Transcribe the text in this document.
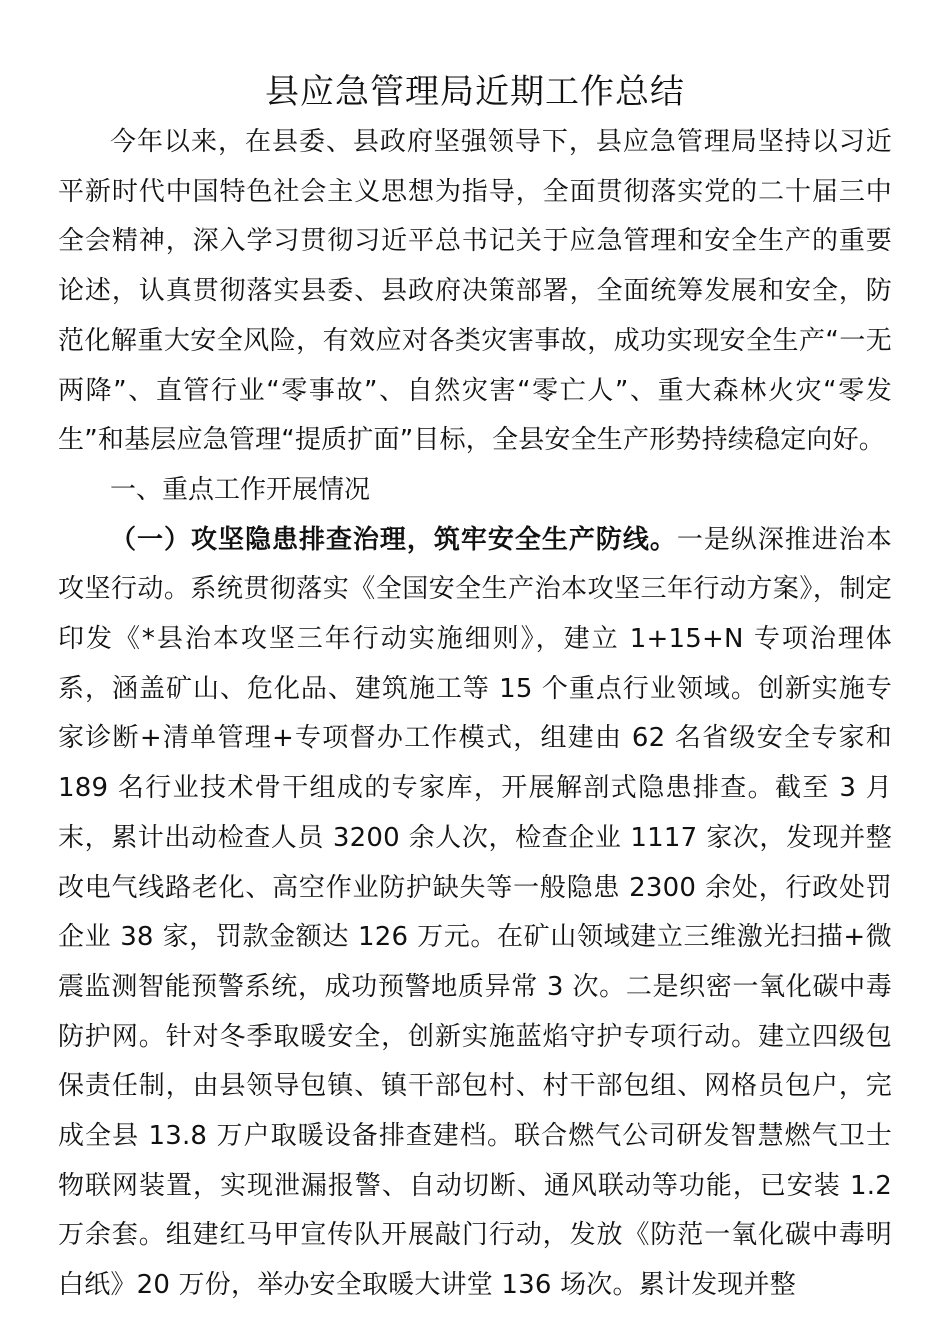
县应急管理局近期工作总结

今年以来，在县委、县政府坚强领导下，县应急管理局坚持以习近平新时代中国特色社会主义思想为指导，全面贯彻落实党的二十届三中全会精神，深入学习贯彻习近平总书记关于应急管理和安全生产的重要论述，认真贯彻落实县委、县政府决策部署，全面统筹发展和安全，防范化解重大安全风险，有效应对各类灾害事故，成功实现安全生产“一无两降”、直管行业“零事故”、自然灾害“零亡人”、重大森林火灾“零发生”和基层应急管理“提质扩面”目标，全县安全生产形势持续稳定向好。

一、重点工作开展情况

（一）攻坚隐患排查治理，筑牢安全生产防线。一是纵深推进治本攻坚行动。系统贯彻落实《全国安全生产治本攻坚三年行动方案》，制定印发《*县治本攻坚三年行动实施细则》，建立 1+15+N 专项治理体系，涵盖矿山、危化品、建筑施工等 15 个重点行业领域。创新实施专家诊断+清单管理+专项督办工作模式，组建由 62 名省级安全专家和 189 名行业技术骨干组成的专家库，开展解剖式隐患排查。截至 3 月末，累计出动检查人员 3200 余人次，检查企业 1117 家次，发现并整改电气线路老化、高空作业防护缺失等一般隐患 2300 余处，行政处罚企业 38 家，罚款金额达 126 万元。在矿山领域建立三维激光扫描+微震监测智能预警系统，成功预警地质异常 3 次。二是织密一氧化碳中毒防护网。针对冬季取暖安全，创新实施蓝焰守护专项行动。建立四级包保责任制，由县领导包镇、镇干部包村、村干部包组、网格员包户，完成全县 13.8 万户取暖设备排查建档。联合燃气公司研发智慧燃气卫士物联网装置，实现泄漏报警、自动切断、通风联动等功能，已安装 1.2 万余套。组建红马甲宣传队开展敲门行动，发放《防范一氧化碳中毒明白纸》20 万份，举办安全取暖大讲堂 136 场次。累计发现并整
